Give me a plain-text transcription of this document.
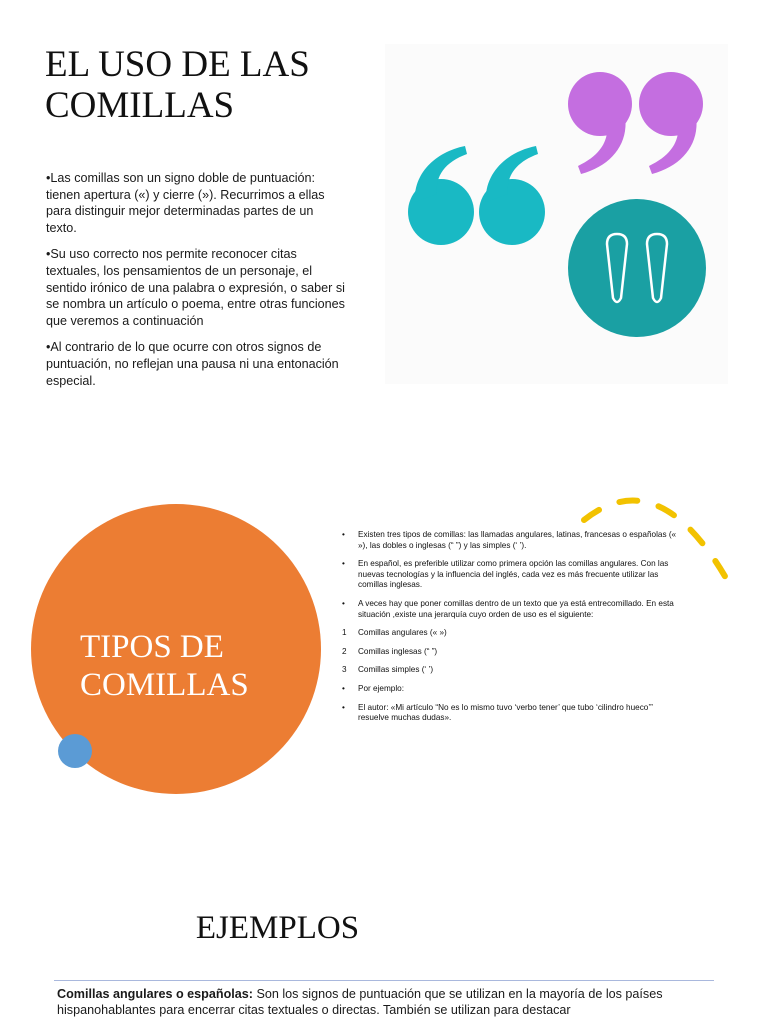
EL USO DE LAS COMILLAS

•Las comillas son un signo doble de puntuación: tienen apertura («) y cierre (»). Recurrimos a ellas para distinguir mejor determinadas partes de un texto.

•Su uso correcto nos permite reconocer citas textuales, los pensamientos de un personaje, el sentido irónico de una palabra o expresión, o saber si se nombra un artículo o poema, entre otras funciones que veremos a continuación

•Al contrario de lo que ocurre con otros signos de puntuación, no reflejan una pausa ni una entonación especial.

TIPOS DE COMILLAS
• Existen tres tipos de comillas: las llamadas angulares, latinas, francesas o españolas (« »), las dobles o inglesas (“ ”) y las simples (‘ ’).
• En español, es preferible utilizar como primera opción las comillas angulares. Con las nuevas tecnologías y la influencia del inglés, cada vez es más frecuente utilizar las comillas inglesas.
• A veces hay que poner comillas dentro de un texto que ya está entrecomillado. En esta situación ,existe una jerarquía cuyo orden de uso es el siguiente:
1 Comillas angulares (« »)
2 Comillas inglesas (“ ”)
3 Comillas simples (‘ ’)
• Por ejemplo:
• El autor: «Mi artículo “No es lo mismo tuvo ‘verbo tener’ que tubo ‘cilindro hueco’” resuelve muchas dudas».
EJEMPLOS

Comillas angulares o españolas: Son los signos de puntuación que se utilizan en la mayoría de los países hispanohablantes para encerrar citas textuales o directas. También se utilizan para destacar
